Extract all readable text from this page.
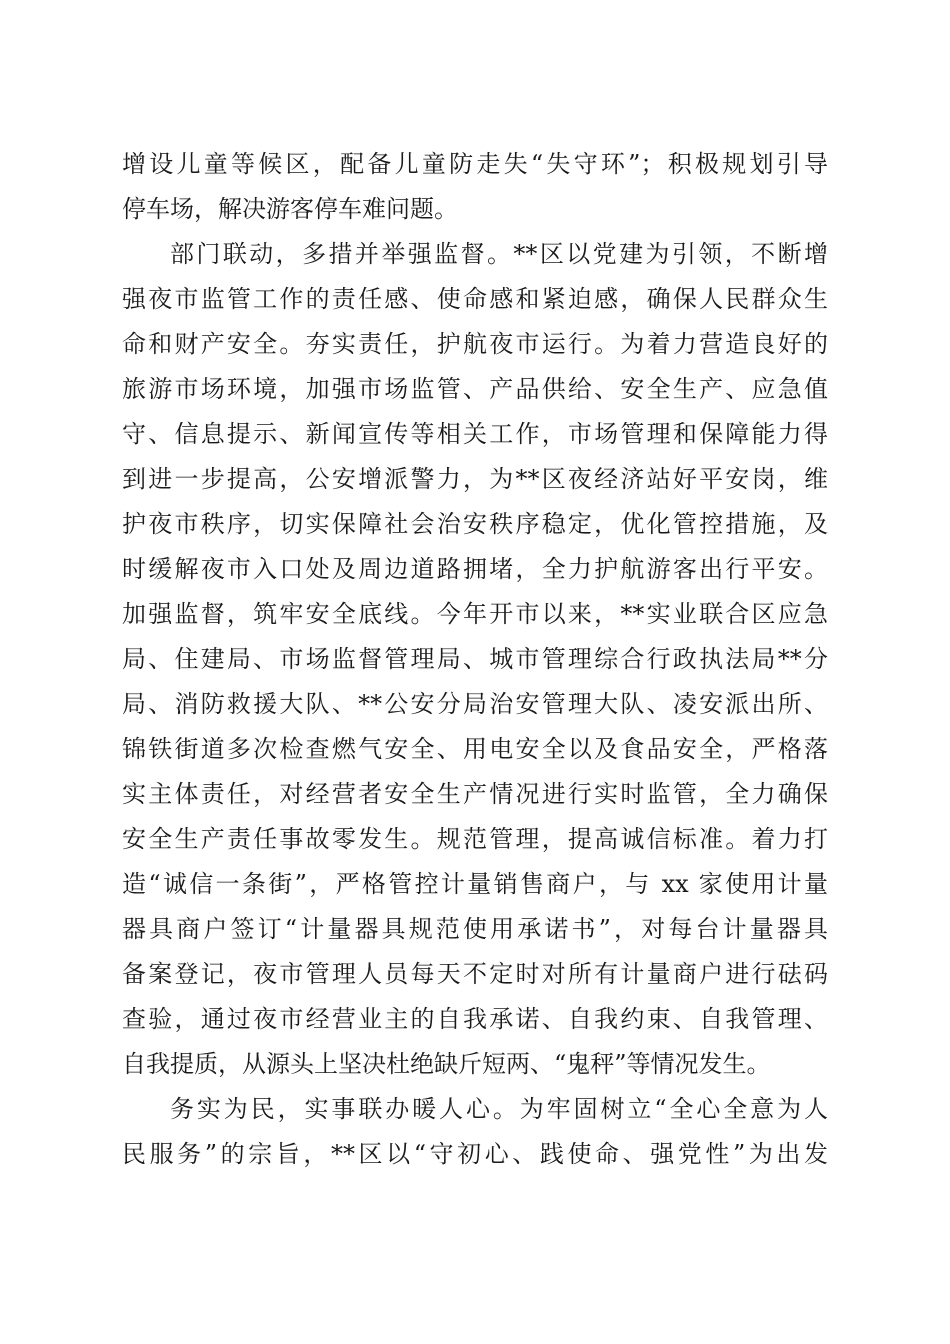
增设儿童等候区，配备儿童防走失“失守环”；积极规划引导
停车场，解决游客停车难问题。
部门联动，多措并举强监督。**区以党建为引领，不断增
强夜市监管工作的责任感、使命感和紧迫感，确保人民群众生
命和财产安全。夯实责任，护航夜市运行。为着力营造良好的
旅游市场环境，加强市场监管、产品供给、安全生产、应急值
守、信息提示、新闻宣传等相关工作，市场管理和保障能力得
到进一步提高，公安增派警力，为**区夜经济站好平安岗，维
护夜市秩序，切实保障社会治安秩序稳定，优化管控措施，及
时缓解夜市入口处及周边道路拥堵，全力护航游客出行平安。
加强监督，筑牢安全底线。今年开市以来，**实业联合区应急
局、住建局、市场监督管理局、城市管理综合行政执法局**分
局、消防救援大队、**公安分局治安管理大队、凌安派出所、
锦铁街道多次检查燃气安全、用电安全以及食品安全，严格落
实主体责任，对经营者安全生产情况进行实时监管，全力确保
安全生产责任事故零发生。规范管理，提高诚信标准。着力打
造“诚信一条街”，严格管控计量销售商户，与 xx 家使用计量
器具商户签订“计量器具规范使用承诺书”，对每台计量器具
备案登记，夜市管理人员每天不定时对所有计量商户进行砝码
查验，通过夜市经营业主的自我承诺、自我约束、自我管理、
自我提质，从源头上坚决杜绝缺斤短两、“鬼秤”等情况发生。
务实为民，实事联办暖人心。为牢固树立“全心全意为人
民服务”的宗旨，**区以“守初心、践使命、强党性”为出发
